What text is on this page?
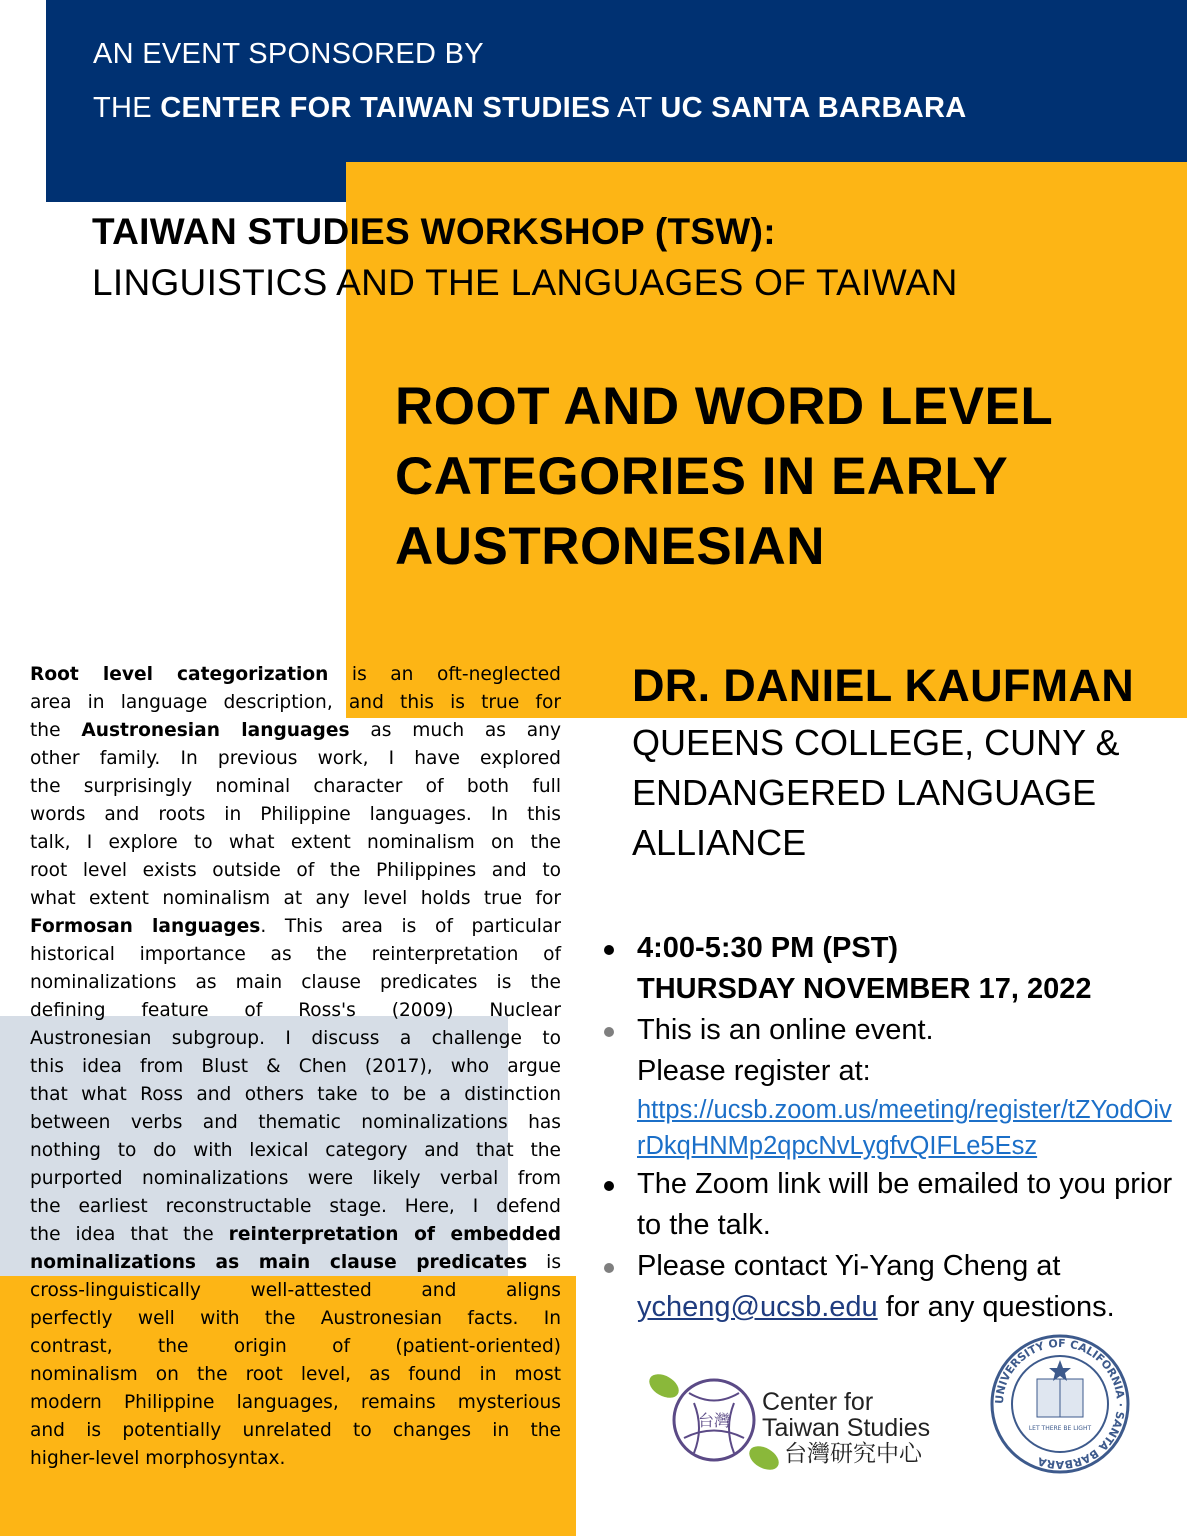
AN EVENT SPONSORED BY
THE CENTER FOR TAIWAN STUDIES AT UC SANTA BARBARA
TAIWAN STUDIES WORKSHOP (TSW):
LINGUISTICS AND THE LANGUAGES OF TAIWAN
ROOT AND WORD LEVEL
CATEGORIES IN EARLY
AUSTRONESIAN
Root level categorization is an oft-neglected
area in language description, and this is true for
the Austronesian languages as much as any
other family. In previous work, I have explored
the surprisingly nominal character of both full
words and roots in Philippine languages. In this
talk, I explore to what extent nominalism on the
root level exists outside of the Philippines and to
what extent nominalism at any level holds true for
Formosan languages. This area is of particular
historical importance as the reinterpretation of
nominalizations as main clause predicates is the
defining feature of Ross's (2009) Nuclear
Austronesian subgroup. I discuss a challenge to
this idea from Blust & Chen (2017), who argue
that what Ross and others take to be a distinction
between verbs and thematic nominalizations has
nothing to do with lexical category and that the
purported nominalizations were likely verbal from
the earliest reconstructable stage. Here, I defend
the idea that the reinterpretation of embedded
nominalizations as main clause predicates is
cross-linguistically well-attested and aligns
perfectly well with the Austronesian facts. In
contrast, the origin of (patient-oriented)
nominalism on the root level, as found in most
modern Philippine languages, remains mysterious
and is potentially unrelated to changes in the
higher-level morphosyntax.
DR. DANIEL KAUFMAN
QUEENS COLLEGE, CUNY &
ENDANGERED LANGUAGE
ALLIANCE
4:00-5:30 PM (PST)
THURSDAY NOVEMBER 17, 2022
This is an online event.
Please register at:
https://ucsb.zoom.us/meeting/register/tZYodOivrDkqHNMp2qpcNvLygfvQIFLe5Esz
The Zoom link will be emailed to you prior to the talk.
Please contact Yi-Yang Cheng at ycheng@ucsb.edu for any questions.
台灣
Center for
Taiwan Studies
台灣研究中心
UNIVERSITY OF CALIFORNIA · SANTA BARBARA
LET THERE BE LIGHT
